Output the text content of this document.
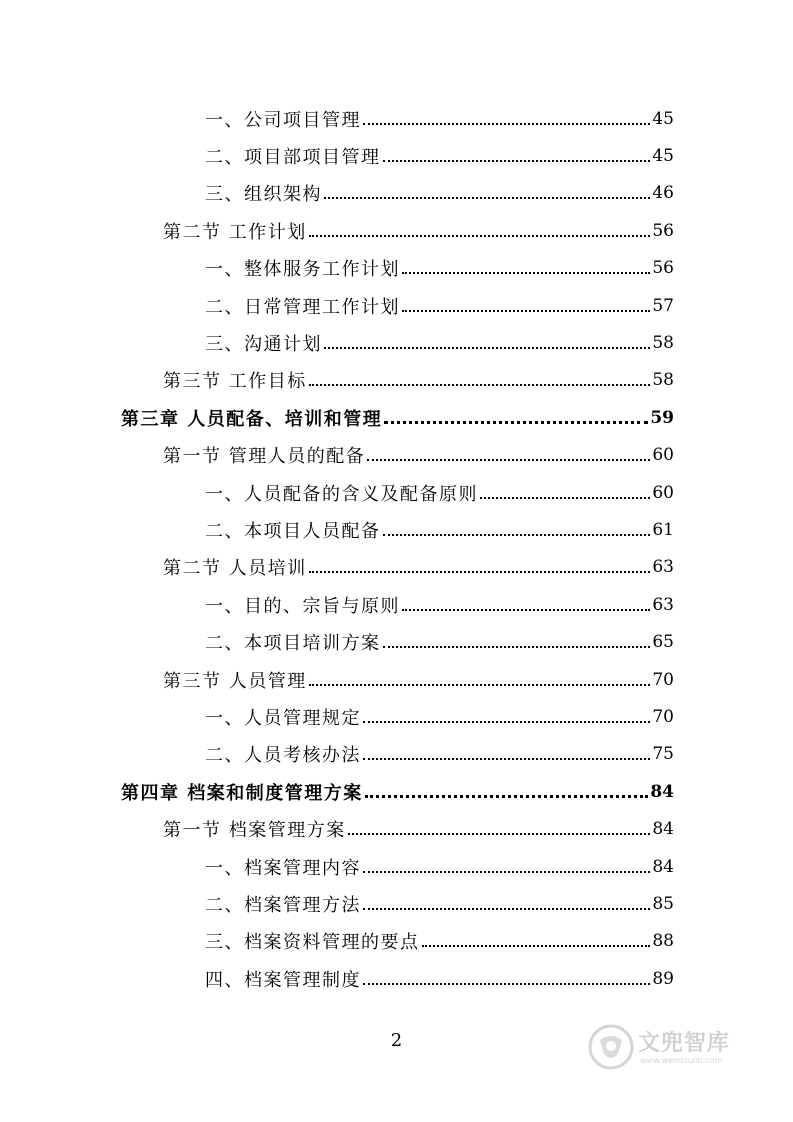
一、公司项目管理	45
二、项目部项目管理	45
三、组织架构	46
第二节 工作计划	56
一、整体服务工作计划	56
二、日常管理工作计划	57
三、沟通计划	58
第三节 工作目标	58
第三章 人员配备、培训和管理	59
第一节 管理人员的配备	60
一、人员配备的含义及配备原则	60
二、本项目人员配备	61
第二节 人员培训	63
一、目的、宗旨与原则	63
二、本项目培训方案	65
第三节 人员管理	70
一、人员管理规定	70
二、人员考核办法	75
第四章 档案和制度管理方案	84
第一节 档案管理方案	84
一、档案管理内容	84
二、档案管理方法	85
三、档案资料管理的要点	88
四、档案管理制度	89
2	文兜智库
www.wendoulib.com
